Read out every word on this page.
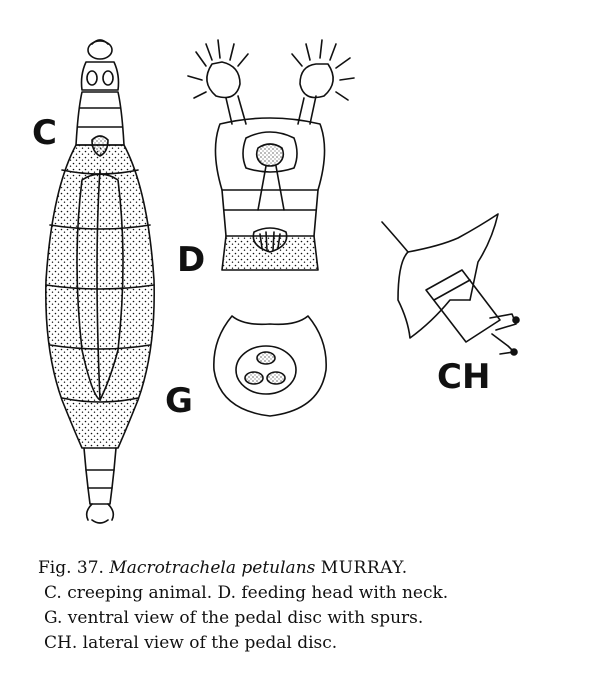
C
D
G
CH
Fig. 37. Macrotrachela petulans MURRAY.
C. creeping animal. D. feeding head with neck.
G. ventral view of the pedal disc with spurs.
CH. lateral view of the pedal disc.
